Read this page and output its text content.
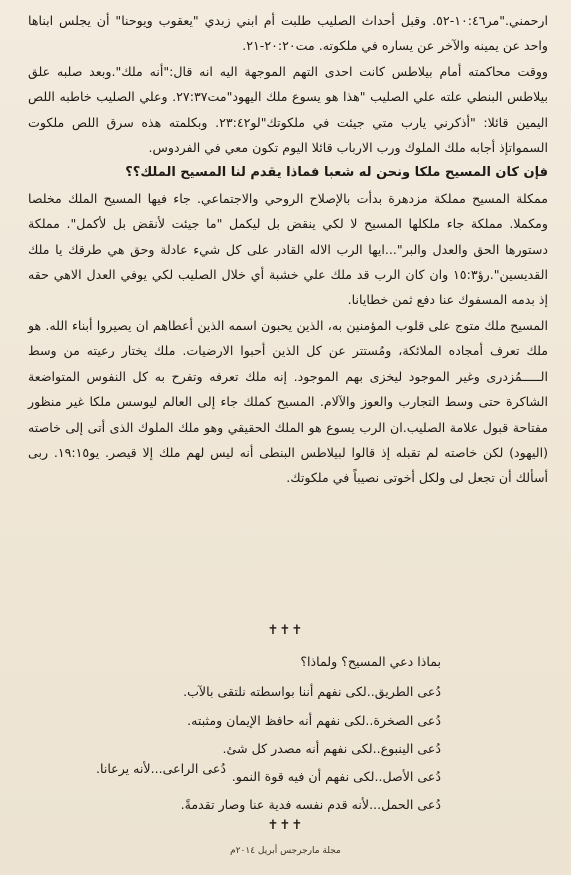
ارحمني."مر١٠:٤٦-٥٢. وقبل أحداث الصليب طلبت أم ابني زبدي "يعقوب ويوحنا" أن يجلس ابناها واحد عن يمينه والآخر عن يساره في ملكوته. مت٢٠:٢٠-٢١.

ووقت محاكمته أمام بيلاطس كانت احدى التهم الموجهة اليه انه قال:"أنه ملك".وبعد صلبه علق بيلاطس البنطي علته علي الصليب "هذا هو يسوع ملك اليهود"مت٢٧:٣٧. وعلي الصليب خاطبه اللص اليمين قائلا: "أذكرني يارب متي جيئت في ملكوتك"لو٢٣:٤٢. وبكلمته هذه سرق اللص ملكوت السمواتإذ أجابه ملك الملوك ورب الارباب قائلا اليوم تكون معي في الفردوس.

فإن كان المسيح ملكا ونحن له شعبا فماذا يقدم لنا المسيح الملك؟؟

ممكلة المسيح مملكة مزدهرة بدأت بالإصلاح الروحي والاجتماعي. جاء فيها المسيح الملك مخلصا ومكملا. مملكة جاء ملكلها المسيح لا لكي ينقض بل ليكمل "ما جيئت لأنقض بل لأكمل". مملكة دستورها الحق والعدل والبر"...ايها الرب الاله القادر على كل شيء عادلة وحق هي طرقك يا ملك القديسين".رؤ١٥:٣ وان كان الرب قد ملك علي خشبة أي خلال الصليب لكي يوفي العدل الاهي حقه إذ بدمه المسفوك عنا دفع ثمن خطايانا.

المسيح ملك متوج على قلوب المؤمنين به، الذين يحبون اسمه الذين أعطاهم ان يصيروا أبناء الله. هو ملك تعرف أمجاده الملائكة، ومُستتر عن كل الذين أحبوا الارضيات. ملك يختار رعيته من وسط الـــــمُزدرى وغير الموجود ليخزى بهم الموجود. إنه ملك تعرفه وتفرح به كل النفوس المتواضعة الشاكرة حتى وسط التجارب والعوز والآلام. المسيح كملك جاء إلى العالم ليوسس ملكا غير منظور مفتاحة قبول علامة الصليب.ان الرب يسوع هو الملك الحقيقي وهو ملك الملوك الذى أتى إلى خاصته (اليهود) لكن خاصته لم تقبله إذ قالوا لبيلاطس البنطى أنه ليس لهم ملك إلا قيصر. يو١٩:١٥. ربى أسألك أن تجعل لى ولكل أخوتى نصيباً في ملكوتك.

✝✝✝

بماذا دعي المسيح؟ ولماذا؟

دُعى الطريق..لكى نفهم أننا بواسطته نلتقى بالآب.

دُعى الصخرة..لكى نفهم أنه حافظ الإيمان ومثبته.

دُعى الينبوع..لكى نفهم أنه مصدر كل شئ.

دُعى الأصل..لكى نفهم أن فيه قوة النمو.

دُعى الحمل...لأنه قدم نفسه فدية عنا وصار تقدمةً.

دُعى الراعى...لأنه يرعانا.
✝✝✝
مجلة مارجرجس أبريل ٢٠١٤م
